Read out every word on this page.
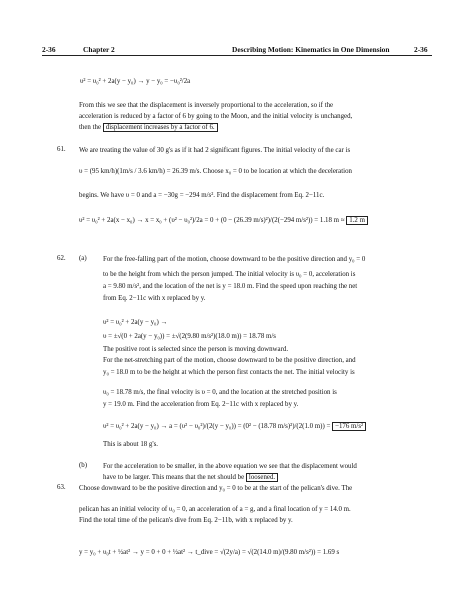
2-36	Chapter 2	Describing Motion: Kinematics in One Dimension	2-36
υ² = υ₀² + 2a(y − y₀) → y − y₀ = −υ₀²/2a
From this we see that the displacement is inversely proportional to the acceleration, so if the
acceleration is reduced by a factor of 6 by going to the Moon, and the initial velocity is unchanged,
then the displacement increases by a factor of 6.
61. We are treating the value of 30 g's as if it had 2 significant figures. The initial velocity of the car is
υ = (95 km/h)(1m/s / 3.6 km/h) = 26.39 m/s. Choose x₀ = 0 to be location at which the deceleration
begins. We have υ = 0 and a = −30g = −294 m/s². Find the displacement from Eq. 2−11c.
υ² = υ₀² + 2a(x − x₀) → x = x₀ + (υ² − υ₀²)/2a = 0 + (0 − (26.39 m/s)²)/(2(−294 m/s²)) = 1.18 m ≈ 1.2 m
62. (a) For the free-falling part of the motion, choose downward to be the positive direction and y₀ = 0
to be the height from which the person jumped. The initial velocity is υ₀ = 0, acceleration is
a = 9.80 m/s², and the location of the net is y = 18.0 m. Find the speed upon reaching the net
from Eq. 2−11c with x replaced by y.
υ² = υ₀² + 2a(y − y₀) →
υ = ±√(0 + 2a(y − y₀)) = ±√(2(9.80 m/s²)(18.0 m)) = 18.78 m/s
The positive root is selected since the person is moving downward.
For the net-stretching part of the motion, choose downward to be the positive direction, and
y₀ = 18.0 m to be the height at which the person first contacts the net. The initial velocity is
υ₀ = 18.78 m/s, the final velocity is υ = 0, and the location at the stretched position is
y = 19.0 m. Find the acceleration from Eq. 2−11c with x replaced by y.
υ² = υ₀² + 2a(y − y₀) → a = (υ² − υ₀²)/(2(y − y₀)) = (0² − (18.78 m/s)²)/(2(1.0 m)) = −176 m/s²
This is about 18 g's.
(b) For the acceleration to be smaller, in the above equation we see that the displacement would
have to be larger. This means that the net should be loosened.
63. Choose downward to be the positive direction and y₀ = 0 to be at the start of the pelican's dive. The
pelican has an initial velocity of υ₀ = 0, an acceleration of a = g, and a final location of y = 14.0 m.
Find the total time of the pelican's dive from Eq. 2−11b, with x replaced by y.
y = y₀ + υ₀t + ½at² → y = 0 + 0 + ½at² → t_dive = √(2y/a) = √(2(14.0 m)/(9.80 m/s²)) = 1.69 s
